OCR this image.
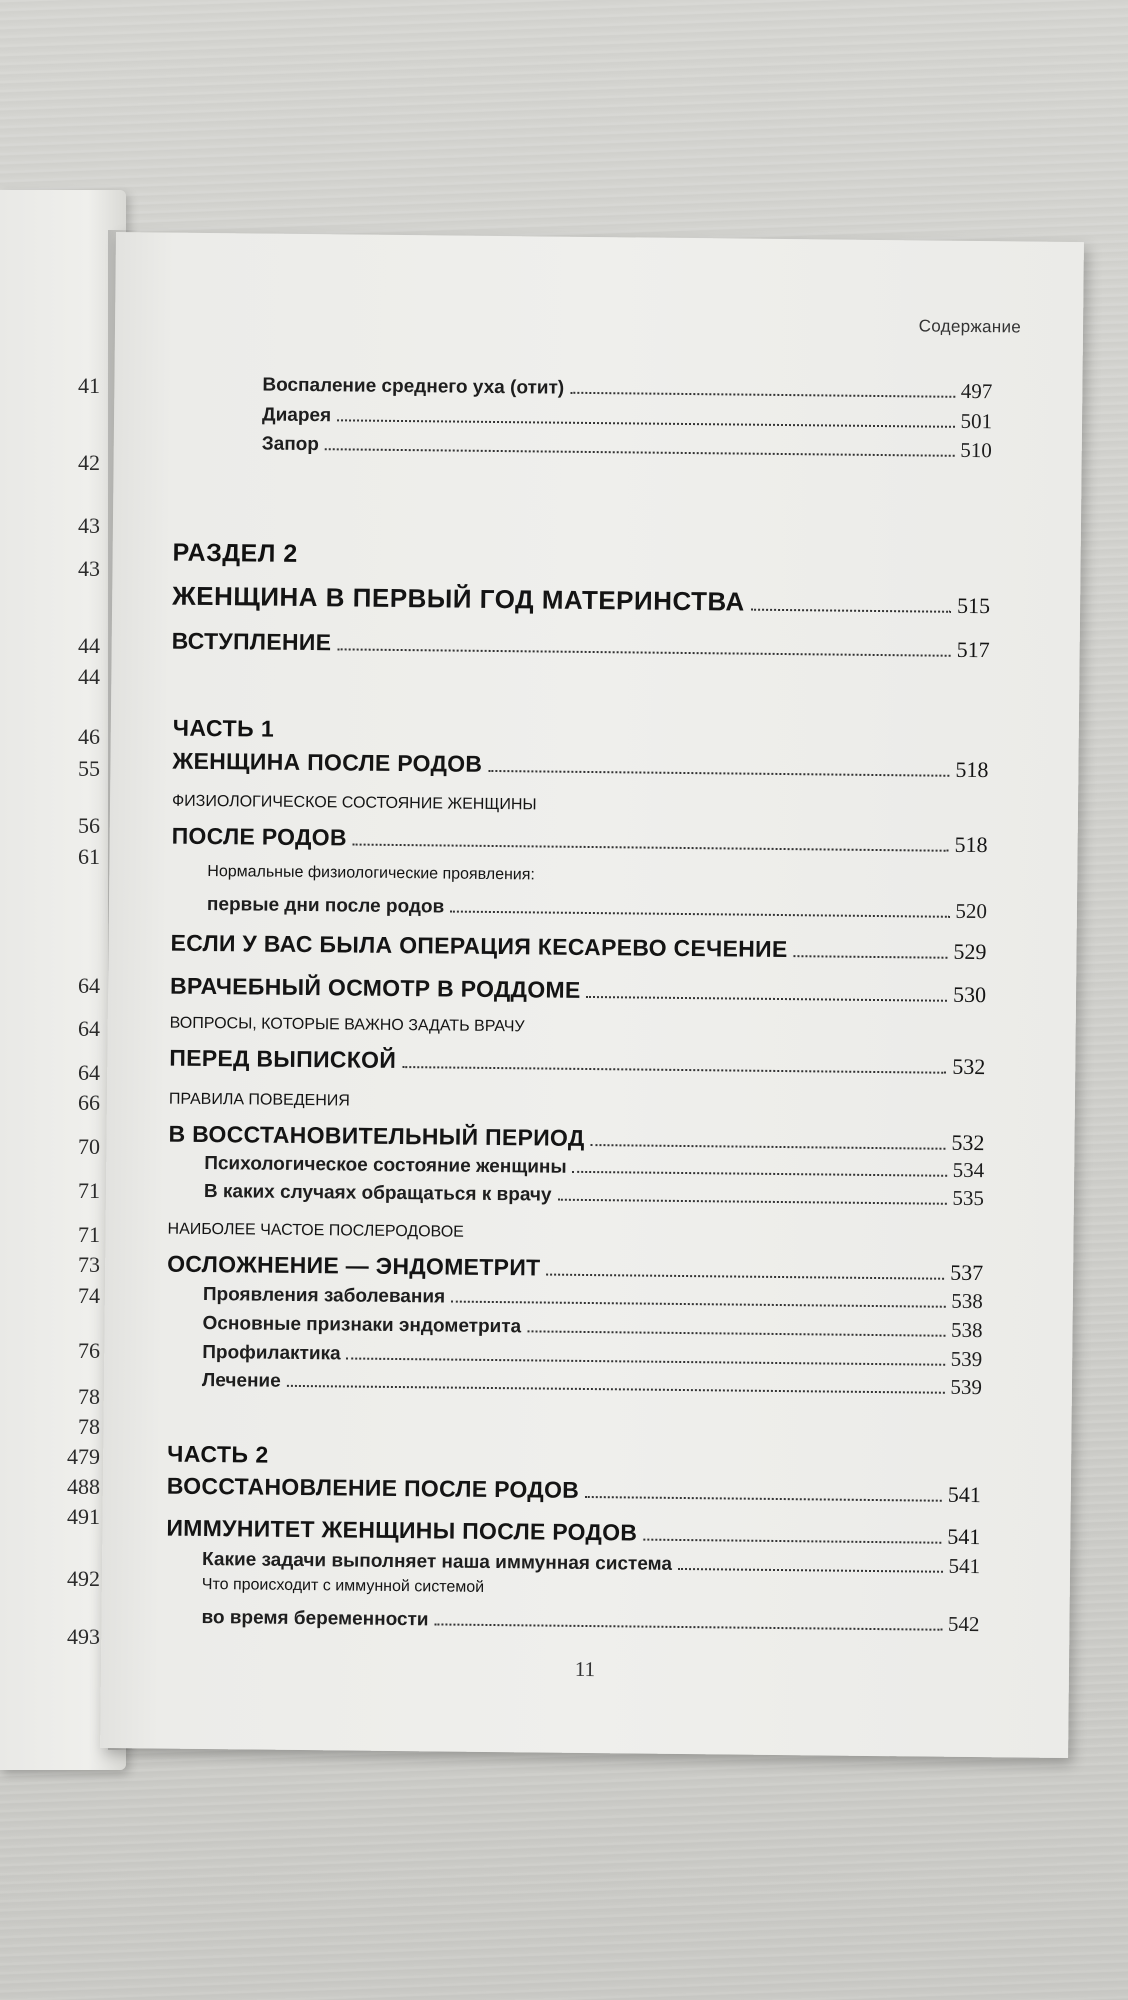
41
42
43
43
44
44
46
55
56
61
64
64
64
66
70
71
71
73
74
76
78
78
479
488
491
492
493
Содержание
Воспаление среднего уха (отит)	497
Диарея	501
Запор	510
РАЗДЕЛ 2
ЖЕНЩИНА В ПЕРВЫЙ ГОД МАТЕРИНСТВА	515
ВСТУПЛЕНИЕ	517
ЧАСТЬ 1
ЖЕНЩИНА ПОСЛЕ РОДОВ	518
ФИЗИОЛОГИЧЕСКОЕ СОСТОЯНИЕ ЖЕНЩИНЫ
ПОСЛЕ РОДОВ	518
Нормальные физиологические проявления:
первые дни после родов	520
ЕСЛИ У ВАС БЫЛА ОПЕРАЦИЯ КЕСАРЕВО СЕЧЕНИЕ	529
ВРАЧЕБНЫЙ ОСМОТР В РОДДОМЕ	530
ВОПРОСЫ, КОТОРЫЕ ВАЖНО ЗАДАТЬ ВРАЧУ
ПЕРЕД ВЫПИСКОЙ	532
ПРАВИЛА ПОВЕДЕНИЯ
В ВОССТАНОВИТЕЛЬНЫЙ ПЕРИОД	532
Психологическое состояние женщины	534
В каких случаях обращаться к врачу	535
НАИБОЛЕЕ ЧАСТОЕ ПОСЛЕРОДОВОЕ
ОСЛОЖНЕНИЕ — ЭНДОМЕТРИТ	537
Проявления заболевания	538
Основные признаки эндометрита	538
Профилактика	539
Лечение	539
ЧАСТЬ 2
ВОССТАНОВЛЕНИЕ ПОСЛЕ РОДОВ	541
ИММУНИТЕТ ЖЕНЩИНЫ ПОСЛЕ РОДОВ	541
Какие задачи выполняет наша иммунная система	541
Что происходит с иммунной системой
во время беременности	542
11
